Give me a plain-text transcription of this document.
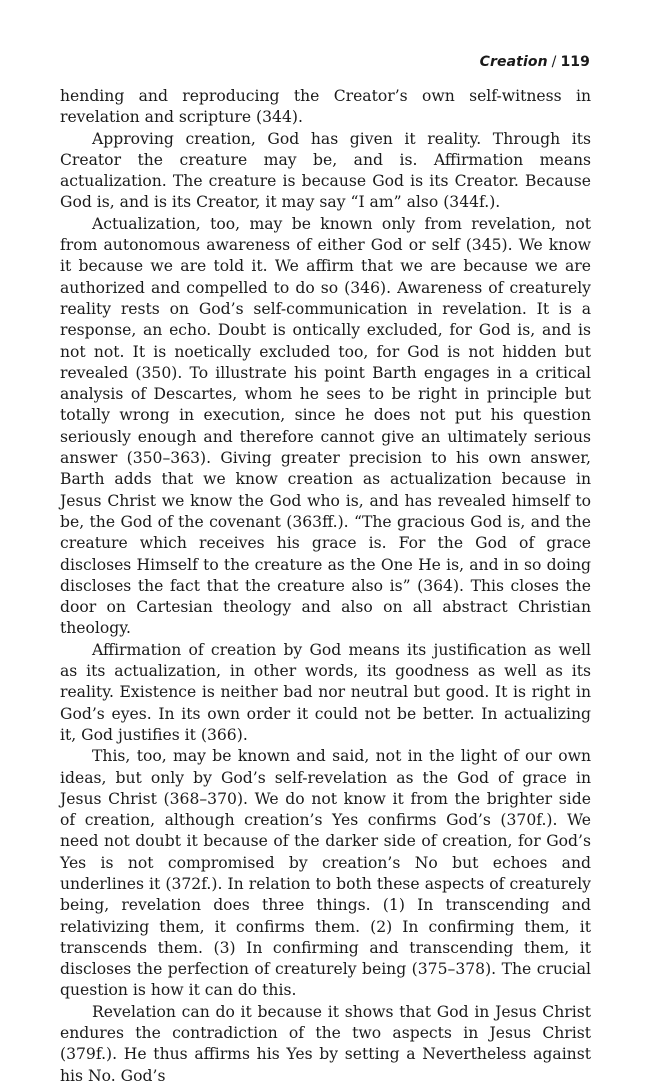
Creation / 119

hending and reproducing the Creator’s own self-witness in revelation and scripture (344).

Approving creation, God has given it reality. Through its Creator the creature may be, and is. Affirmation means actualization. The creature is because God is its Creator. Because God is, and is its Creator, it may say “I am” also (344f.).

Actualization, too, may be known only from revelation, not from autonomous awareness of either God or self (345). We know it because we are told it. We affirm that we are because we are authorized and compelled to do so (346). Awareness of creaturely reality rests on God’s self-communication in revelation. It is a response, an echo. Doubt is ontically excluded, for God is, and is not not. It is noetically excluded too, for God is not hidden but revealed (350). To illustrate his point Barth engages in a critical analysis of Descartes, whom he sees to be right in principle but totally wrong in execution, since he does not put his question seriously enough and therefore cannot give an ultimately serious answer (350–363). Giving greater precision to his own answer, Barth adds that we know creation as actualization because in Jesus Christ we know the God who is, and has revealed himself to be, the God of the covenant (363ff.). “The gracious God is, and the creature which receives his grace is. For the God of grace discloses Himself to the creature as the One He is, and in so doing discloses the fact that the creature also is” (364). This closes the door on Cartesian theology and also on all abstract Christian theology.

Affirmation of creation by God means its justification as well as its actualization, in other words, its goodness as well as its reality. Existence is neither bad nor neutral but good. It is right in God’s eyes. In its own order it could not be better. In actualizing it, God justifies it (366).

This, too, may be known and said, not in the light of our own ideas, but only by God’s self-revelation as the God of grace in Jesus Christ (368–370). We do not know it from the brighter side of creation, although creation’s Yes confirms God’s (370f.). We need not doubt it because of the darker side of creation, for God’s Yes is not compromised by creation’s No but echoes and underlines it (372f.). In relation to both these aspects of creaturely being, revelation does three things. (1) In transcending and relativizing them, it confirms them. (2) In confirming them, it transcends them. (3) In confirming and transcending them, it discloses the perfection of creaturely being (375–378). The crucial question is how it can do this.

Revelation can do it because it shows that God in Jesus Christ endures the contradiction of the two aspects in Jesus Christ (379f.). He thus affirms his Yes by setting a Nevertheless against his No. God’s
